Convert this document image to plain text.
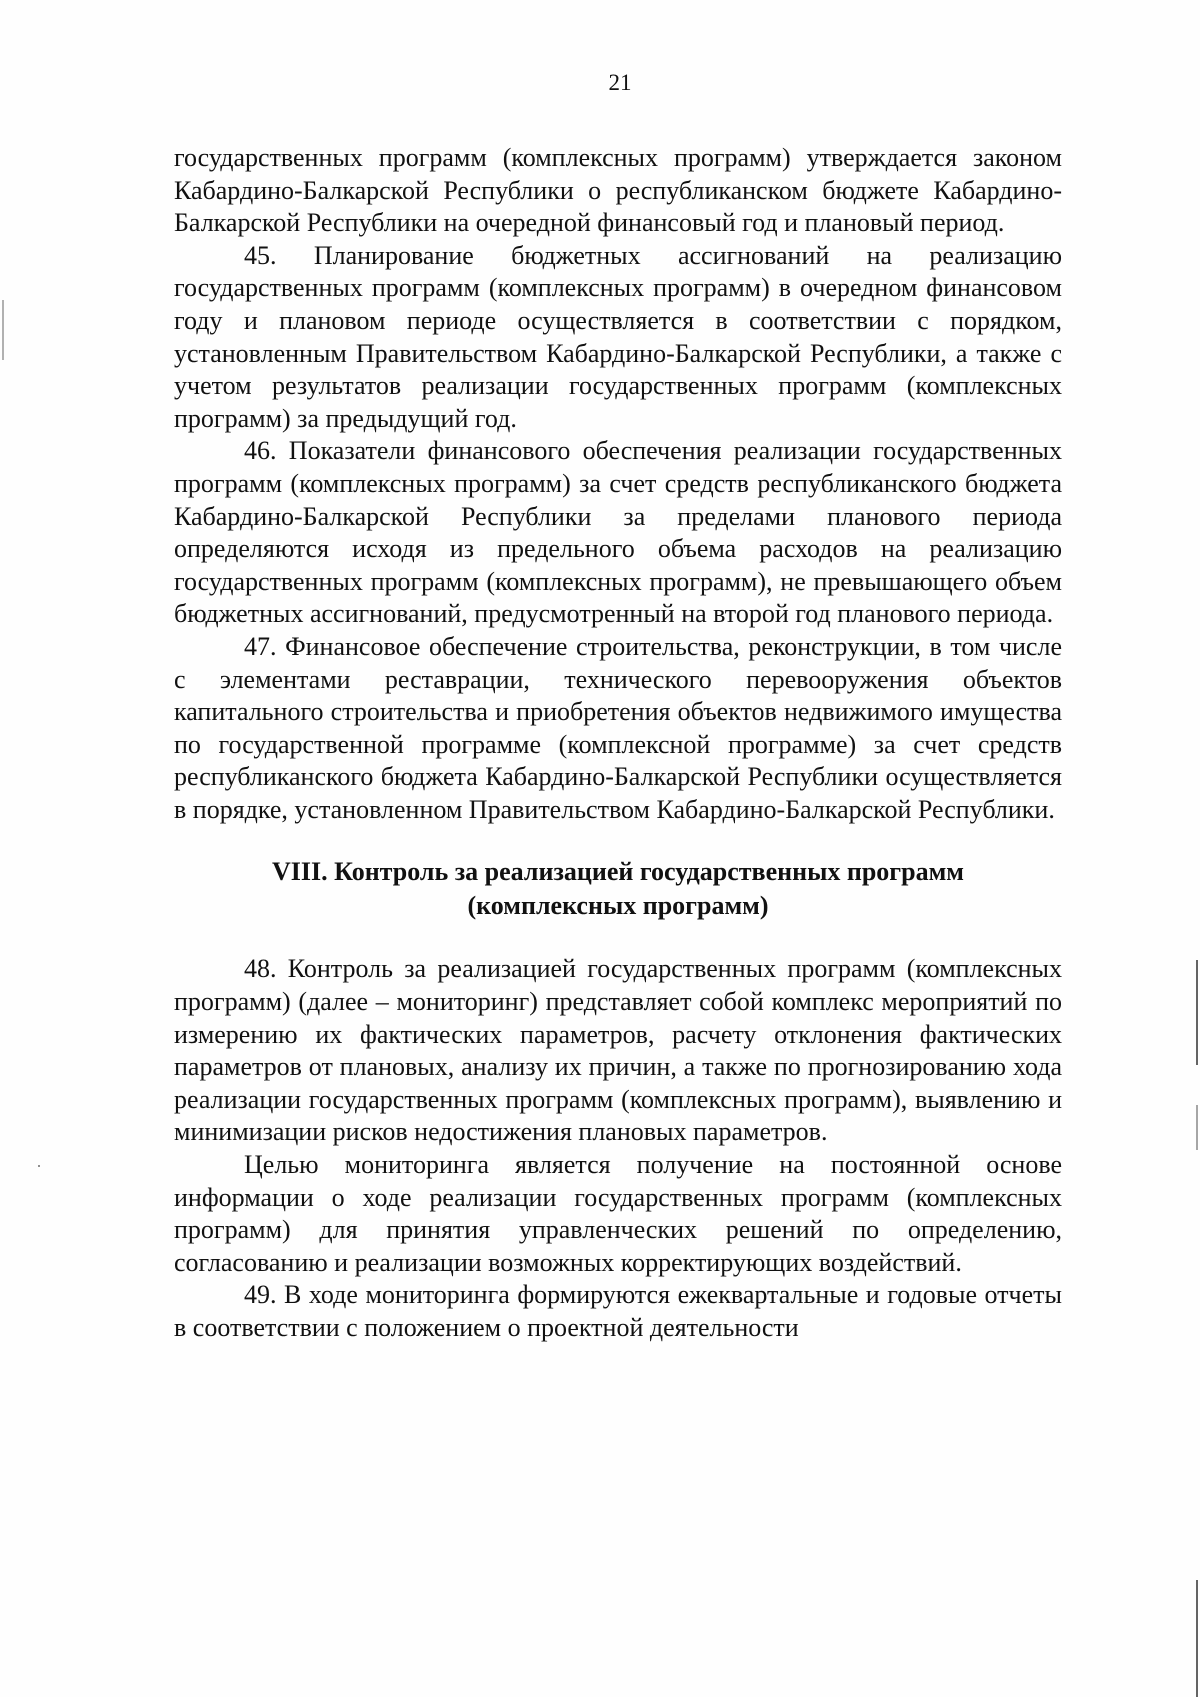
21

государственных программ (комплексных программ) утверждается законом Кабардино-Балкарской Республики о республиканском бюджете Кабардино-Балкарской Республики на очередной финансовый год и плановый период.

45. Планирование бюджетных ассигнований на реализацию государственных программ (комплексных программ) в очередном финансовом году и плановом периоде осуществляется в соответствии с порядком, установленным Правительством Кабардино-Балкарской Республики, а также с учетом результатов реализации государственных программ (комплексных программ) за предыдущий год.

46. Показатели финансового обеспечения реализации государственных программ (комплексных программ) за счет средств республиканского бюджета Кабардино-Балкарской Республики за пределами планового периода определяются исходя из предельного объема расходов на реализацию государственных программ (комплексных программ), не превышающего объем бюджетных ассигнований, предусмотренный на второй год планового периода.

47. Финансовое обеспечение строительства, реконструкции, в том числе с элементами реставрации, технического перевооружения объектов капитального строительства и приобретения объектов недвижимого имущества по государственной программе (комплексной программе) за счет средств республиканского бюджета Кабардино-Балкарской Республики осуществляется в порядке, установленном Правительством Кабардино-Балкарской Республики.

VIII. Контроль за реализацией государственных программ
(комплексных программ)

48. Контроль за реализацией государственных программ (комплексных программ) (далее – мониторинг) представляет собой комплекс мероприятий по измерению их фактических параметров, расчету отклонения фактических параметров от плановых, анализу их причин, а также по прогнозированию хода реализации государственных программ (комплексных программ), выявлению и минимизации рисков недостижения плановых параметров.

Целью мониторинга является получение на постоянной основе информации о ходе реализации государственных программ (комплексных программ) для принятия управленческих решений по определению, согласованию и реализации возможных корректирующих воздействий.

49. В ходе мониторинга формируются ежеквартальные и годовые отчеты в соответствии с положением о проектной деятельности
